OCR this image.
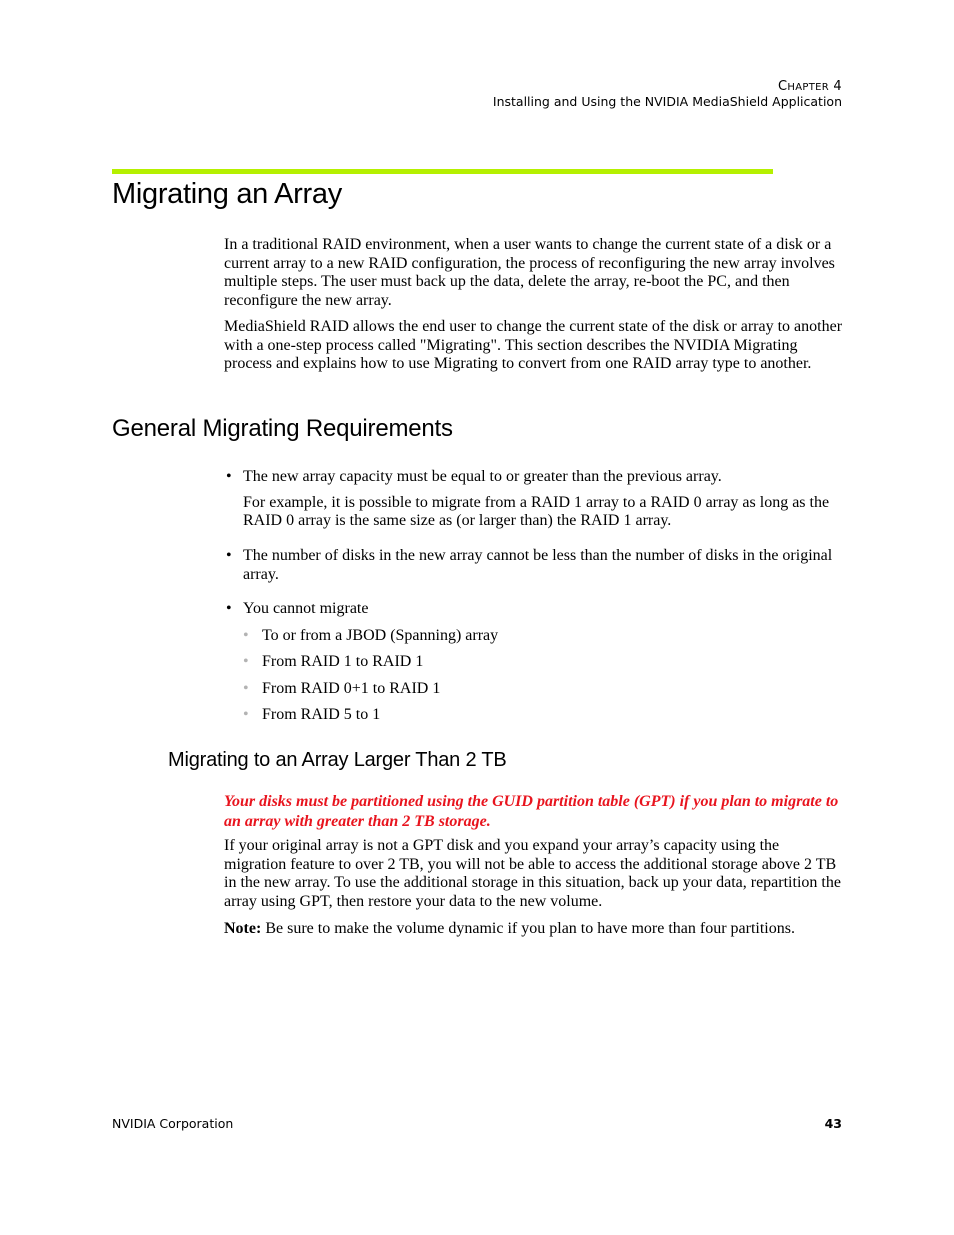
CHAPTER 4
Installing and Using the NVIDIA MediaShield Application
Migrating an Array

In a traditional RAID environment, when a user wants to change the current state of a disk or a current array to a new RAID configuration, the process of reconfiguring the new array involves multiple steps. The user must back up the data, delete the array, re-boot the PC, and then reconfigure the new array.

MediaShield RAID allows the end user to change the current state of the disk or array to another with a one-step process called "Migrating". This section describes the NVIDIA Migrating process and explains how to use Migrating to convert from one RAID array type to another.

General Migrating Requirements
• The new array capacity must be equal to or greater than the previous array.
For example, it is possible to migrate from a RAID 1 array to a RAID 0 array as long as the RAID 0 array is the same size as (or larger than) the RAID 1 array.
• The number of disks in the new array cannot be less than the number of disks in the original array.
• You cannot migrate
• To or from a JBOD (Spanning) array
• From RAID 1 to RAID 1
• From RAID 0+1 to RAID 1
• From RAID 5 to 1
Migrating to an Array Larger Than 2 TB

Your disks must be partitioned using the GUID partition table (GPT) if you plan to migrate to an array with greater than 2 TB storage.

If your original array is not a GPT disk and you expand your array’s capacity using the migration feature to over 2 TB, you will not be able to access the additional storage above 2 TB in the new array. To use the additional storage in this situation, back up your data, repartition the array using GPT, then restore your data to the new volume.

Note: Be sure to make the volume dynamic if you plan to have more than four partitions.

NVIDIA Corporation	43
